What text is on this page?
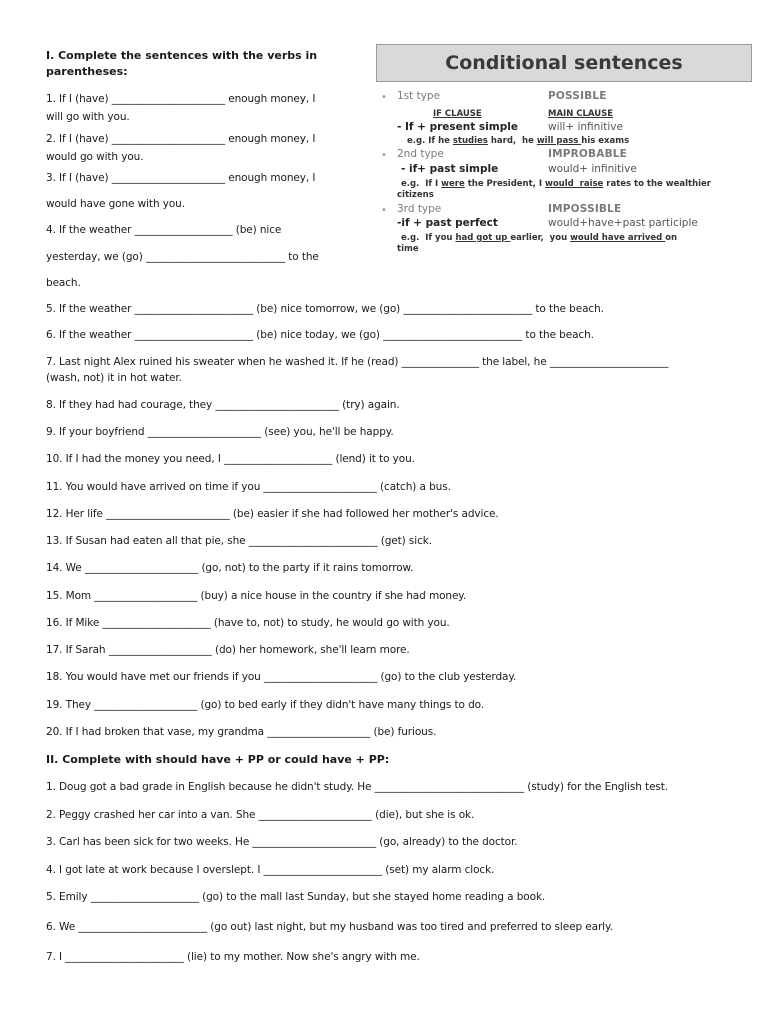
I. Complete the sentences with the verbs in
parentheses:
1. If I (have) ______________________ enough money, I
will go with you.
2. If I (have) ______________________ enough money, I
would go with you.
3. If I (have) ______________________ enough money, I
would have gone with you.
4. If the weather ___________________ (be) nice
yesterday, we (go) ___________________________ to the
beach.
5. If the weather _______________________ (be) nice tomorrow, we (go) _________________________ to the beach.
6. If the weather _______________________ (be) nice today, we (go) ___________________________ to the beach.
7. Last night Alex ruined his sweater when he washed it. If he (read) _______________ the label, he _______________________
(wash, not) it in hot water.
8. If they had had courage, they ________________________ (try) again.
9. If your boyfriend ______________________ (see) you, he'll be happy.
10. If I had the money you need, I _____________________ (lend) it to you.
11. You would have arrived on time if you ______________________ (catch) a bus.
12. Her life ________________________ (be) easier if she had followed her mother's advice.
13. If Susan had eaten all that pie, she _________________________ (get) sick.
14. We ______________________ (go, not) to the party if it rains tomorrow.
15. Mom ____________________ (buy) a nice house in the country if she had money.
16. If Mike _____________________ (have to, not) to study, he would go with you.
17. If Sarah ____________________ (do) her homework, she'll learn more.
18. You would have met our friends if you ______________________ (go) to the club yesterday.
19. They ____________________ (go) to bed early if they didn't have many things to do.
20. If I had broken that vase, my grandma ____________________ (be) furious.
II. Complete with should have + PP or could have + PP:
1. Doug got a bad grade in English because he didn't study. He _____________________________ (study) for the English test.
2. Peggy crashed her car into a van. She ______________________ (die), but she is ok.
3. Carl has been sick for two weeks. He ________________________ (go, already) to the doctor.
4. I got late at work because I overslept. I _______________________ (set) my alarm clock.
5. Emily _____________________ (go) to the mall last Sunday, but she stayed home reading a book.
6. We _________________________ (go out) last night, but my husband was too tired and preferred to sleep early.
7. I _______________________ (lie) to my mother. Now she's angry with me.
Conditional sentences
• 1st type	POSSIBLE
IF CLAUSE	MAIN CLAUSE
- If + present simple	will+ infinitive
e.g. If he studies hard,  he will pass his exams
• 2nd type	IMPROBABLE
- if+ past simple	would+ infinitive
e.g.  If I were the President, I would  raise rates to the wealthier
citizens
• 3rd type	IMPOSSIBLE
-if + past perfect	would+have+past participle
e.g.  If you had got up earlier,  you would have arrived on
time
